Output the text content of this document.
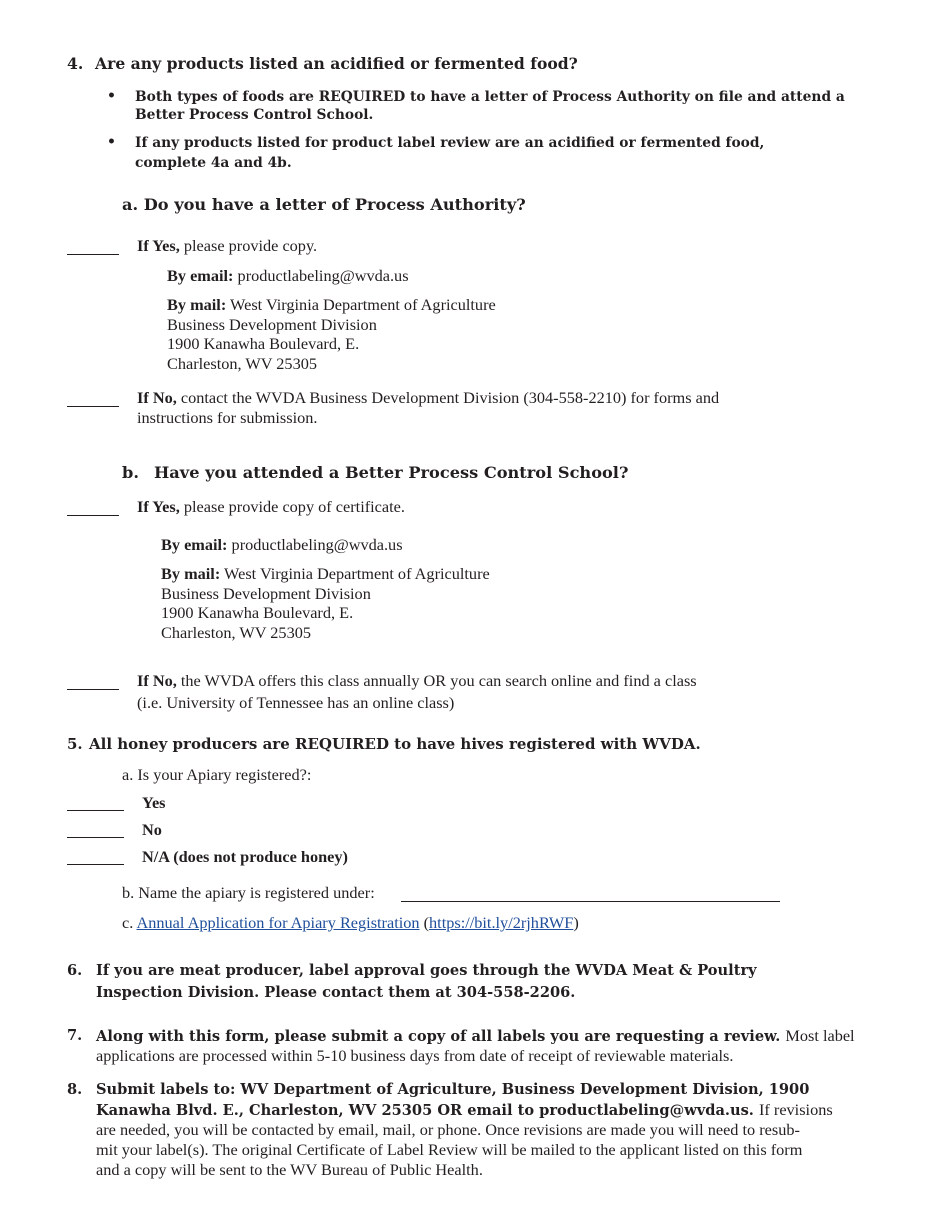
4. Are any products listed an acidified or fermented food?
• Both types of foods are REQUIRED to have a letter of Process Authority on file and attend a
Better Process Control School.
• If any products listed for product label review are an acidified or fermented food,
complete 4a and 4b.
a. Do you have a letter of Process Authority?
If Yes, please provide copy.
By email: productlabeling@wvda.us
By mail: West Virginia Department of Agriculture
Business Development Division
1900 Kanawha Boulevard, E.
Charleston, WV 25305
If No, contact the WVDA Business Development Division (304-558-2210) for forms and
instructions for submission.
b. Have you attended a Better Process Control School?
If Yes, please provide copy of certificate.
By email: productlabeling@wvda.us
By mail: West Virginia Department of Agriculture
Business Development Division
1900 Kanawha Boulevard, E.
Charleston, WV 25305
If No, the WVDA offers this class annually OR you can search online and find a class
(i.e. University of Tennessee has an online class)
5. All honey producers are REQUIRED to have hives registered with WVDA.
a. Is your Apiary registered?:
Yes
No
N/A (does not produce honey)
b. Name the apiary is registered under:
c. Annual Application for Apiary Registration (https://bit.ly/2rjhRWF)
6. If you are meat producer, label approval goes through the WVDA Meat & Poultry
Inspection Division. Please contact them at 304-558-2206.
7. Along with this form, please submit a copy of all labels you are requesting a review. Most label
applications are processed within 5-10 business days from date of receipt of reviewable materials.
8. Submit labels to: WV Department of Agriculture, Business Development Division, 1900
Kanawha Blvd. E., Charleston, WV 25305 OR email to productlabeling@wvda.us. If revisions
are needed, you will be contacted by email, mail, or phone. Once revisions are made you will need to resub-
mit your label(s). The original Certificate of Label Review will be mailed to the applicant listed on this form
and a copy will be sent to the WV Bureau of Public Health.
